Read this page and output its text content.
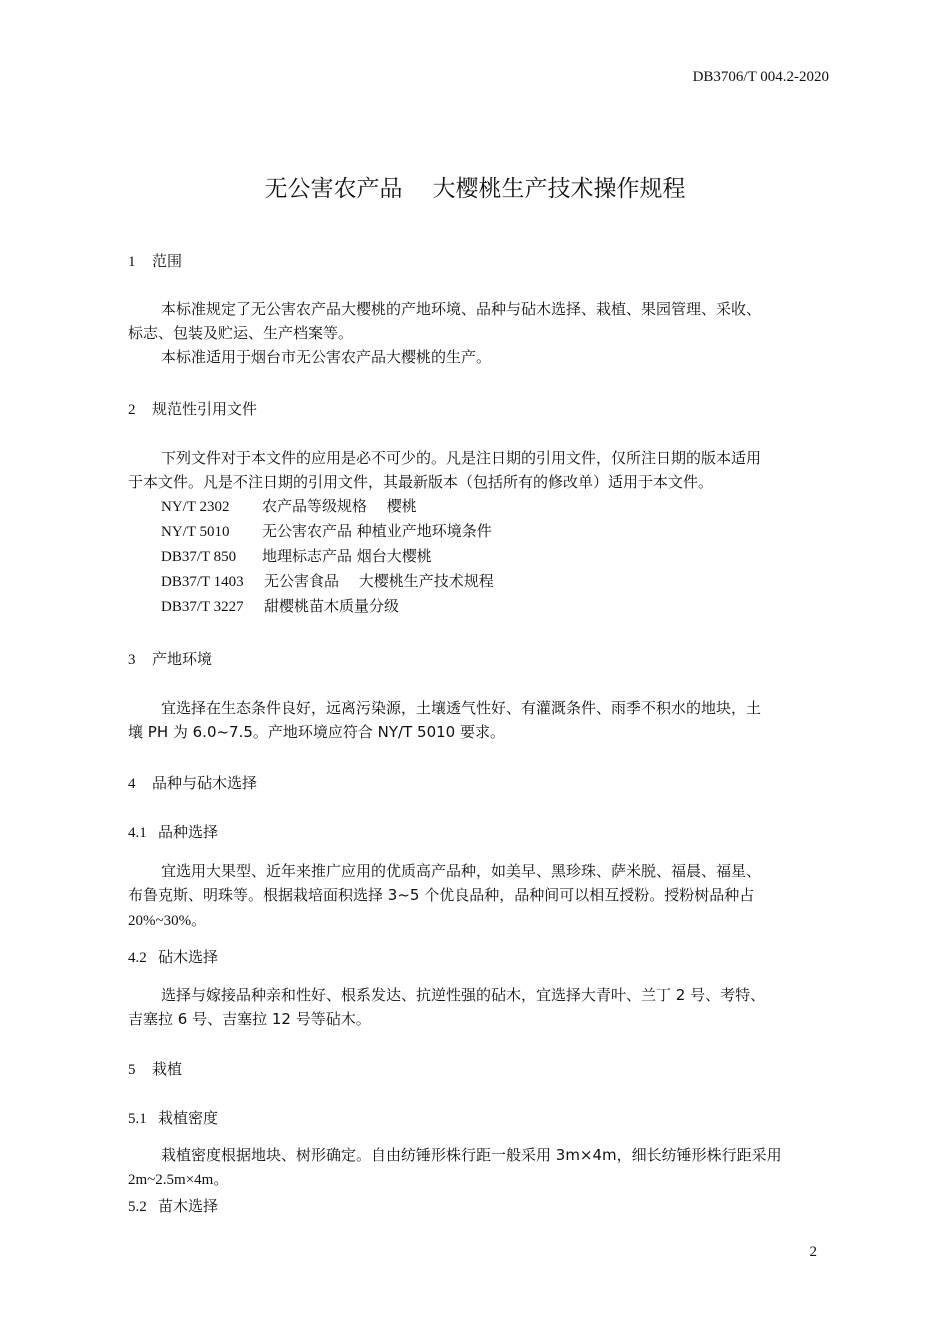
DB3706/T 004.2-2020
无公害农产品 大樱桃生产技术操作规程
1 范围
本标准规定了无公害农产品大樱桃的产地环境、品种与砧木选择、栽植、果园管理、采收、
标志、包装及贮运、生产档案等。
本标准适用于烟台市无公害农产品大樱桃的生产。
2 规范性引用文件
下列文件对于本文件的应用是必不可少的。凡是注日期的引用文件，仅所注日期的版本适用
于本文件。凡是不注日期的引用文件，其最新版本（包括所有的修改单）适用于本文件。
NY/T 2302 农产品等级规格　 樱桃
NY/T 5010 无公害农产品 种植业产地环境条件
DB37/T 850 地理标志产品 烟台大樱桃
DB37/T 1403 无公害食品　 大樱桃生产技术规程
DB37/T 3227 甜樱桃苗木质量分级
3 产地环境
宜选择在生态条件良好，远离污染源，土壤透气性好、有灌溉条件、雨季不积水的地块，土
壤 PH 为 6.0~7.5。产地环境应符合 NY/T 5010 要求。
4 品种与砧木选择
4.1 品种选择
宜选用大果型、近年来推广应用的优质高产品种，如美早、黑珍珠、萨米脱、福晨、福星、
布鲁克斯、明珠等。根据栽培面积选择 3~5 个优良品种，品种间可以相互授粉。授粉树品种占
20%~30%。
4.2 砧木选择
选择与嫁接品种亲和性好、根系发达、抗逆性强的砧木，宜选择大青叶、兰丁 2 号、考特、
吉塞拉 6 号、吉塞拉 12 号等砧木。
5 栽植
5.1 栽植密度
栽植密度根据地块、树形确定。自由纺锤形株行距一般采用 3m×4m，细长纺锤形株行距采用
2m~2.5m×4m。
5.2 苗木选择
2
